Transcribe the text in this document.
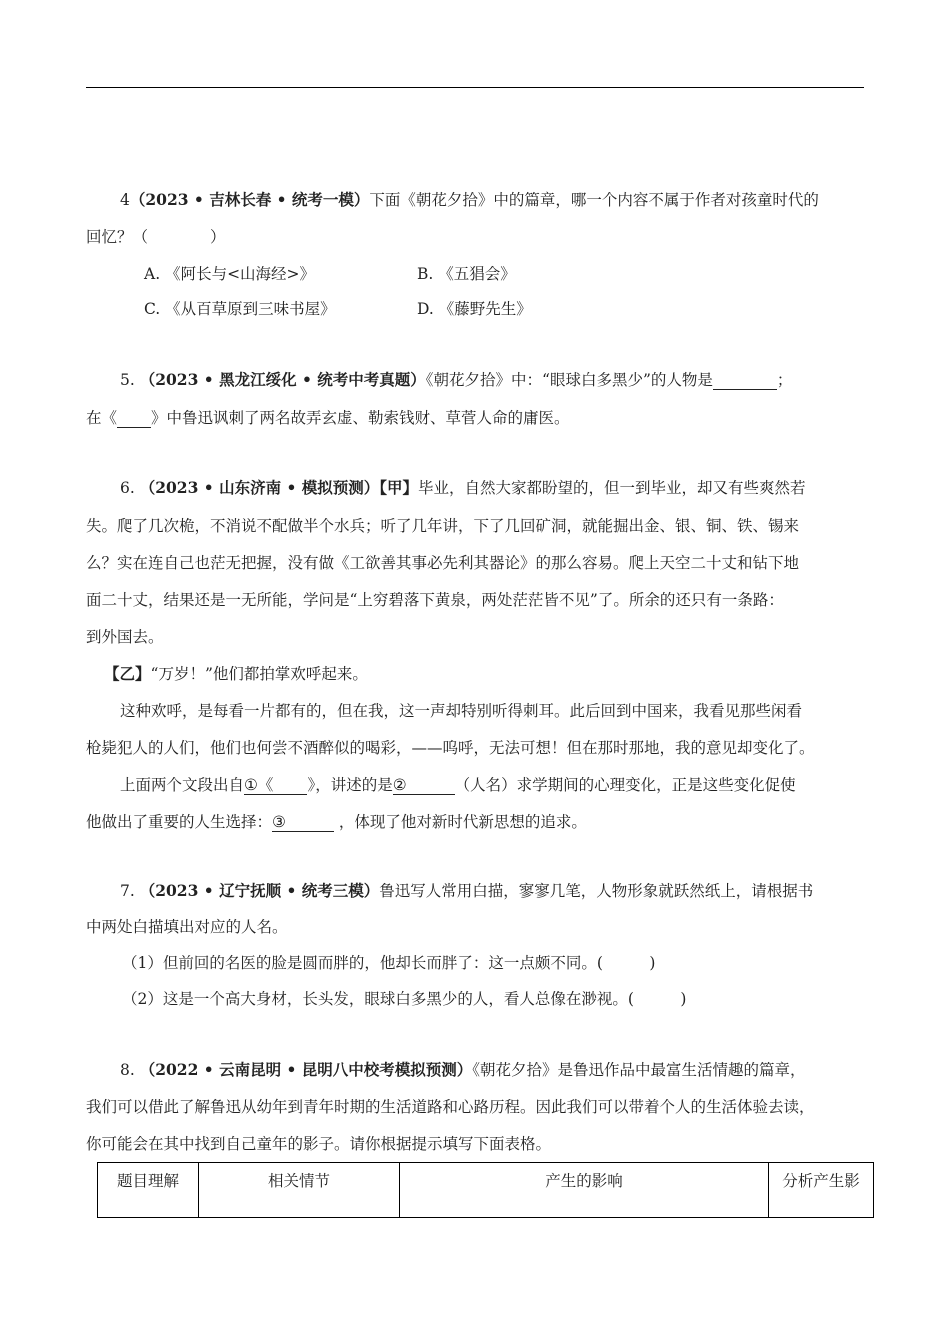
4（2023 • 吉林长春 • 统考一模）下面《朝花夕拾》中的篇章，哪一个内容不属于作者对孩童时代的
回忆？（　　　　）
A. 《阿长与<山海经>》	B. 《五猖会》
C. 《从百草原到三味书屋》	D. 《藤野先生》
5. （2023 • 黑龙江绥化 • 统考中考真题）《朝花夕拾》中：“眼球白多黑少”的人物是	；
在《 》中鲁迅讽刺了两名故弄玄虚、勒索钱财、草菅人命的庸医。
6. （2023 • 山东济南 • 模拟预测）【甲】毕业，自然大家都盼望的，但一到毕业，却又有些爽然若
失。爬了几次桅，不消说不配做半个水兵；听了几年讲，下了几回矿洞，就能掘出金、银、铜、铁、锡来
么？实在连自己也茫无把握，没有做《工欲善其事必先利其器论》的那么容易。爬上天空二十丈和钻下地
面二十丈，结果还是一无所能，学问是“上穷碧落下黄泉，两处茫茫皆不见”了。所余的还只有一条路：
到外国去。
【乙】“万岁！”他们都拍掌欢呼起来。
这种欢呼，是每看一片都有的，但在我，这一声却特别听得刺耳。此后回到中国来，我看见那些闲看
枪毙犯人的人们，他们也何尝不酒醉似的喝彩，——呜呼，无法可想！但在那时那地，我的意见却变化了。
上面两个文段出自①《 》，讲述的是②	（人名）求学期间的心理变化，正是这些变化促使
他做出了重要的人生选择：③	，体现了他对新时代新思想的追求。
7. （2023 • 辽宁抚顺 • 统考三模）鲁迅写人常用白描，寥寥几笔，人物形象就跃然纸上，请根据书
中两处白描填出对应的人名。
（1）但前回的名医的脸是圆而胖的，他却长而胖了：这一点颇不同。(　　　)
（2）这是一个高大身材，长头发，眼球白多黑少的人，看人总像在渺视。(　　　)
8. （2022 • 云南昆明 • 昆明八中校考模拟预测）《朝花夕拾》是鲁迅作品中最富生活情趣的篇章，
我们可以借此了解鲁迅从幼年到青年时期的生活道路和心路历程。因此我们可以带着个人的生活体验去读，
你可能会在其中找到自己童年的影子。请你根据提示填写下面表格。
题目理解	相关情节	产生的影响	分析产生影
